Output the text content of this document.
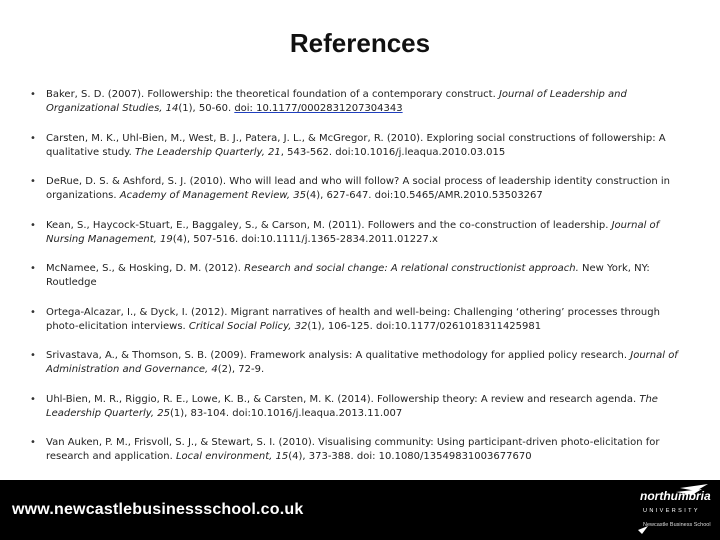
References
• Baker, S. D. (2007). Followership: the theoretical foundation of a contemporary construct. Journal of Leadership and Organizational Studies, 14(1), 50-60. doi: 10.1177/0002831207304343
• Carsten, M. K., Uhl-Bien, M., West, B. J., Patera, J. L., & McGregor, R. (2010). Exploring social constructions of followership: A qualitative study. The Leadership Quarterly, 21, 543-562. doi:10.1016/j.leaqua.2010.03.015
• DeRue, D. S. & Ashford, S. J. (2010). Who will lead and who will follow? A social process of leadership identity construction in organizations. Academy of Management Review, 35(4), 627-647. doi:10.5465/AMR.2010.53503267
• Kean, S., Haycock-Stuart, E., Baggaley, S., & Carson, M. (2011). Followers and the co-construction of leadership. Journal of Nursing Management, 19(4), 507-516. doi:10.1111/j.1365-2834.2011.01227.x
• McNamee, S., & Hosking, D. M. (2012). Research and social change: A relational constructionist approach. New York, NY: Routledge
• Ortega-Alcazar, I., & Dyck, I. (2012). Migrant narratives of health and well-being: Challenging ‘othering’ processes through photo-elicitation interviews. Critical Social Policy, 32(1), 106-125. doi:10.1177/0261018311425981
• Srivastava, A., & Thomson, S. B. (2009). Framework analysis: A qualitative methodology for applied policy research. Journal of Administration and Governance, 4(2), 72-9.
• Uhl-Bien, M. R., Riggio, R. E., Lowe, K. B., & Carsten, M. K. (2014). Followership theory: A review and research agenda. The Leadership Quarterly, 25(1), 83-104. doi:10.1016/j.leaqua.2013.11.007
• Van Auken, P. M., Frisvoll, S. J., & Stewart, S. I. (2010). Visualising community: Using participant-driven photo-elicitation for research and application. Local environment, 15(4), 373-388. doi: 10.1080/13549831003677670
www.newcastlebusinessschool.co.uk
northumbria
UNIVERSITY
Newcastle Business School
